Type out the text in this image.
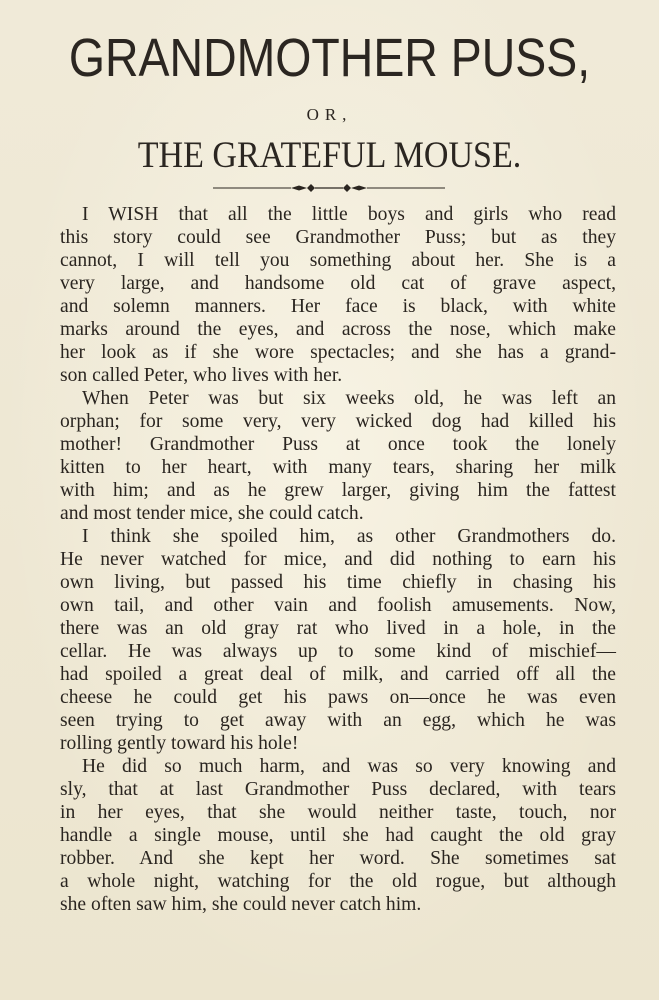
GRANDMOTHER PUSS,
OR,
THE GRATEFUL MOUSE.
I WISH that all the little boys and girls who read
this story could see Grandmother Puss; but as they
cannot, I will tell you something about her. She is a
very large, and handsome old cat of grave aspect,
and solemn manners. Her face is black, with white
marks around the eyes, and across the nose, which make
her look as if she wore spectacles; and she has a grand-
son called Peter, who lives with her.
When Peter was but six weeks old, he was left an
orphan; for some very, very wicked dog had killed his
mother! Grandmother Puss at once took the lonely
kitten to her heart, with many tears, sharing her milk
with him; and as he grew larger, giving him the fattest
and most tender mice, she could catch.
I think she spoiled him, as other Grandmothers do.
He never watched for mice, and did nothing to earn his
own living, but passed his time chiefly in chasing his
own tail, and other vain and foolish amusements. Now,
there was an old gray rat who lived in a hole, in the
cellar. He was always up to some kind of mischief—
had spoiled a great deal of milk, and carried off all the
cheese he could get his paws on—once he was even
seen trying to get away with an egg, which he was
rolling gently toward his hole!
He did so much harm, and was so very knowing and
sly, that at last Grandmother Puss declared, with tears
in her eyes, that she would neither taste, touch, nor
handle a single mouse, until she had caught the old gray
robber. And she kept her word. She sometimes sat
a whole night, watching for the old rogue, but although
she often saw him, she could never catch him.
